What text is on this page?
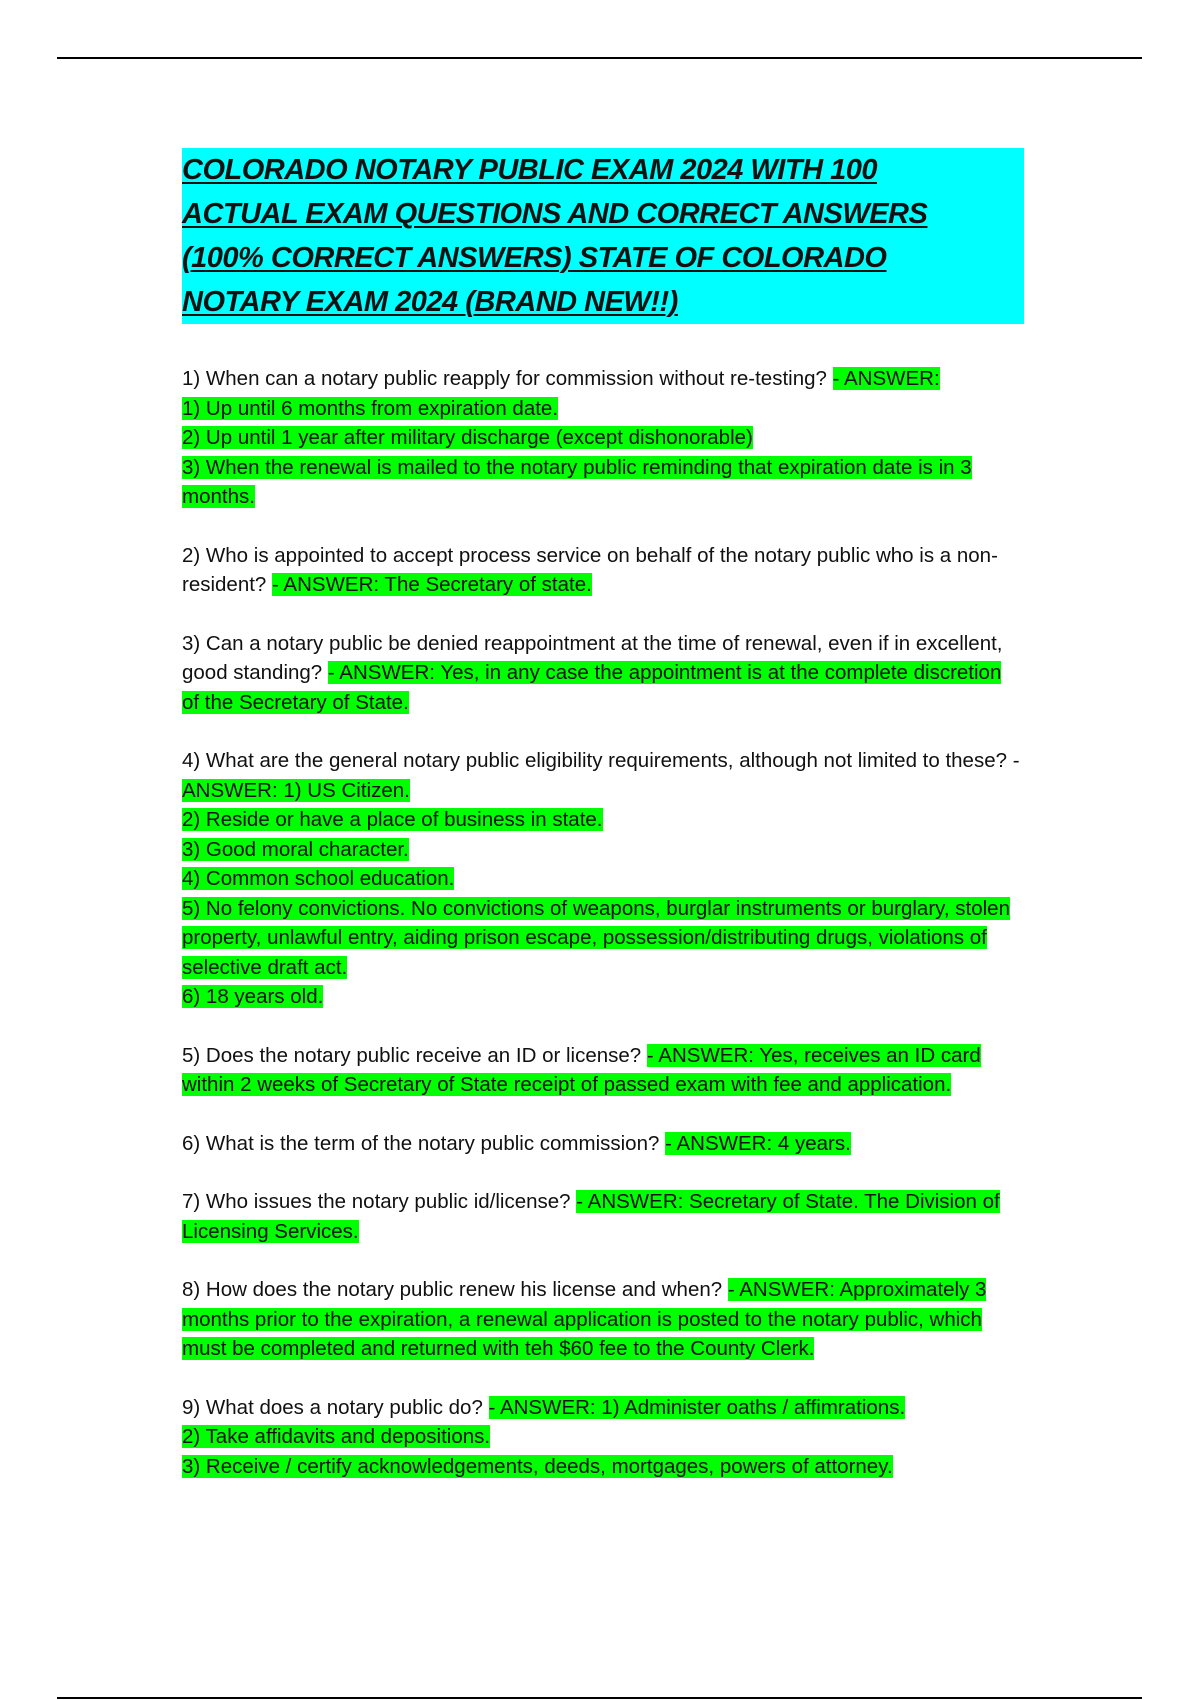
COLORADO NOTARY PUBLIC EXAM 2024 WITH 100
ACTUAL EXAM QUESTIONS AND CORRECT ANSWERS
(100% CORRECT ANSWERS) STATE OF COLORADO
NOTARY EXAM 2024 (BRAND NEW!!)
1) When can a notary public reapply for commission without re-testing? - ANSWER:
1) Up until 6 months from expiration date.
2) Up until 1 year after military discharge (except dishonorable)
3) When the renewal is mailed to the notary public reminding that expiration date is in 3 months.
2) Who is appointed to accept process service on behalf of the notary public who is a non-resident? - ANSWER: The Secretary of state.
3) Can a notary public be denied reappointment at the time of renewal, even if in excellent, good standing? - ANSWER: Yes, in any case the appointment is at the complete discretion of the Secretary of State.
4) What are the general notary public eligibility requirements, although not limited to these? - ANSWER: 1) US Citizen.
2) Reside or have a place of business in state.
3) Good moral character.
4) Common school education.
5) No felony convictions. No convictions of weapons, burglar instruments or burglary, stolen property, unlawful entry, aiding prison escape, possession/distributing drugs, violations of selective draft act.
6) 18 years old.
5) Does the notary public receive an ID or license? - ANSWER: Yes, receives an ID card within 2 weeks of Secretary of State receipt of passed exam with fee and application.
6) What is the term of the notary public commission? - ANSWER: 4 years.
7) Who issues the notary public id/license? - ANSWER: Secretary of State. The Division of Licensing Services.
8) How does the notary public renew his license and when? - ANSWER: Approximately 3 months prior to the expiration, a renewal application is posted to the notary public, which must be completed and returned with teh $60 fee to the County Clerk.
9) What does a notary public do? - ANSWER: 1) Administer oaths / affimrations.
2) Take affidavits and depositions.
3) Receive / certify acknowledgements, deeds, mortgages, powers of attorney.
